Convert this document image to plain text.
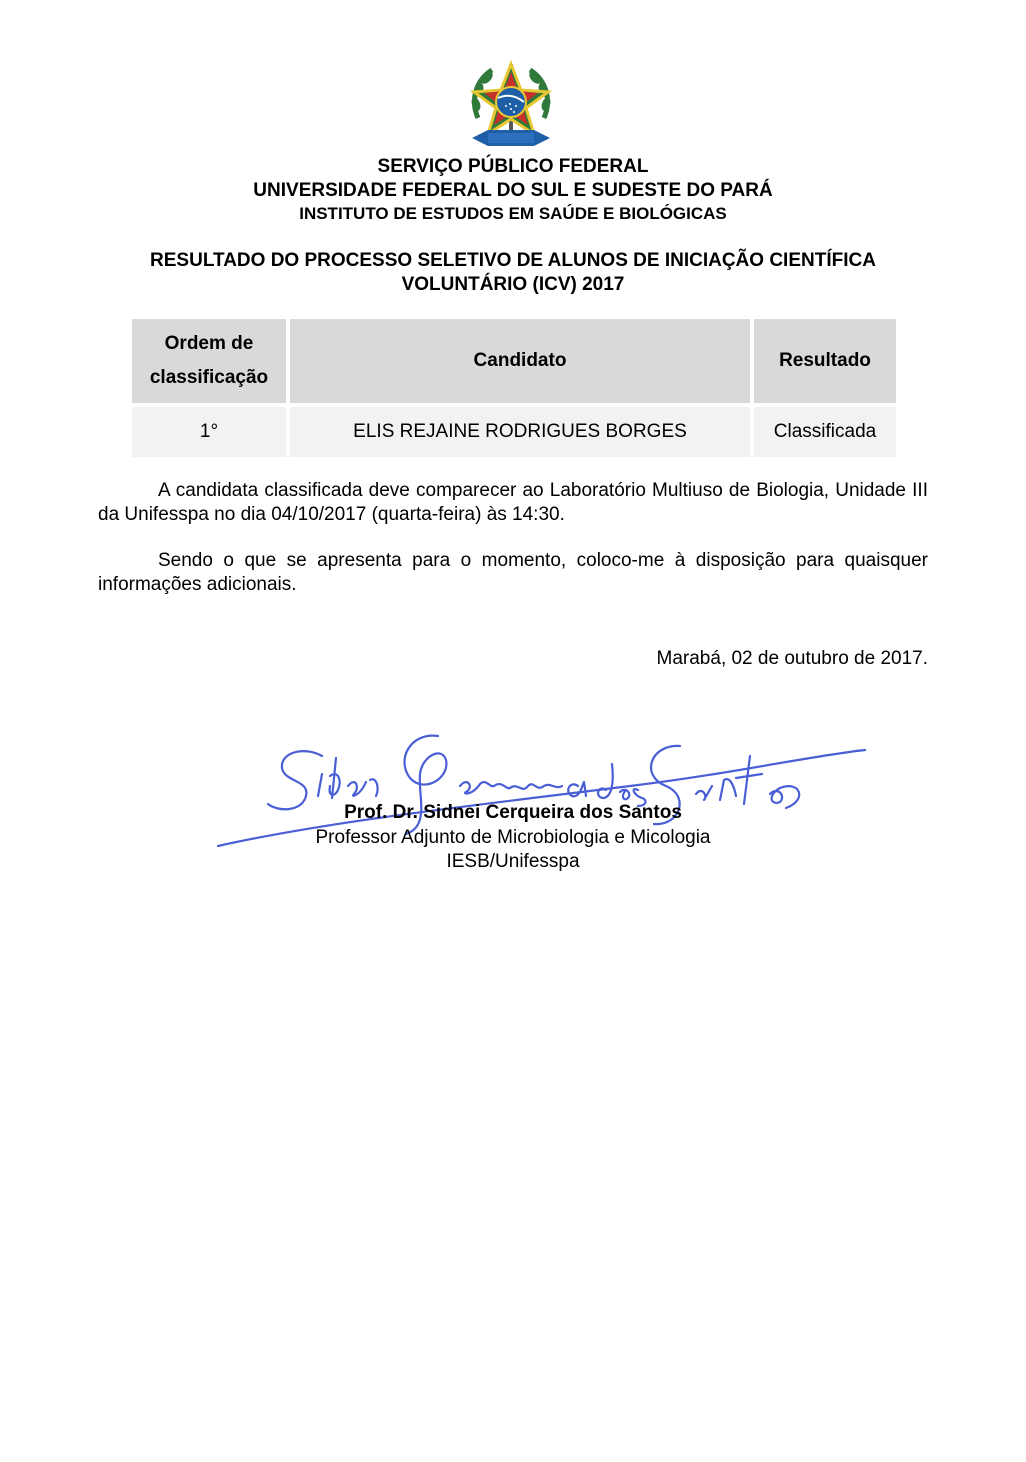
SERVIÇO PÚBLICO FEDERAL
UNIVERSIDADE FEDERAL DO SUL E SUDESTE DO PARÁ
INSTITUTO DE ESTUDOS EM SAÚDE E BIOLÓGICAS
RESULTADO DO PROCESSO SELETIVO DE ALUNOS DE INICIAÇÃO CIENTÍFICA
VOLUNTÁRIO (ICV) 2017
Ordem de classificação	Candidato	Resultado
1°	ELIS REJAINE RODRIGUES BORGES	Classificada
A candidata classificada deve comparecer ao Laboratório Multiuso de Biologia, Unidade III da Unifesspa no dia 04/10/2017 (quarta-feira) às 14:30.
Sendo o que se apresenta para o momento, coloco-me à disposição para quaisquer informações adicionais.
Marabá, 02 de outubro de 2017.
Prof. Dr. Sidnei Cerqueira dos Santos
Professor Adjunto de Microbiologia e Micologia
IESB/Unifesspa
